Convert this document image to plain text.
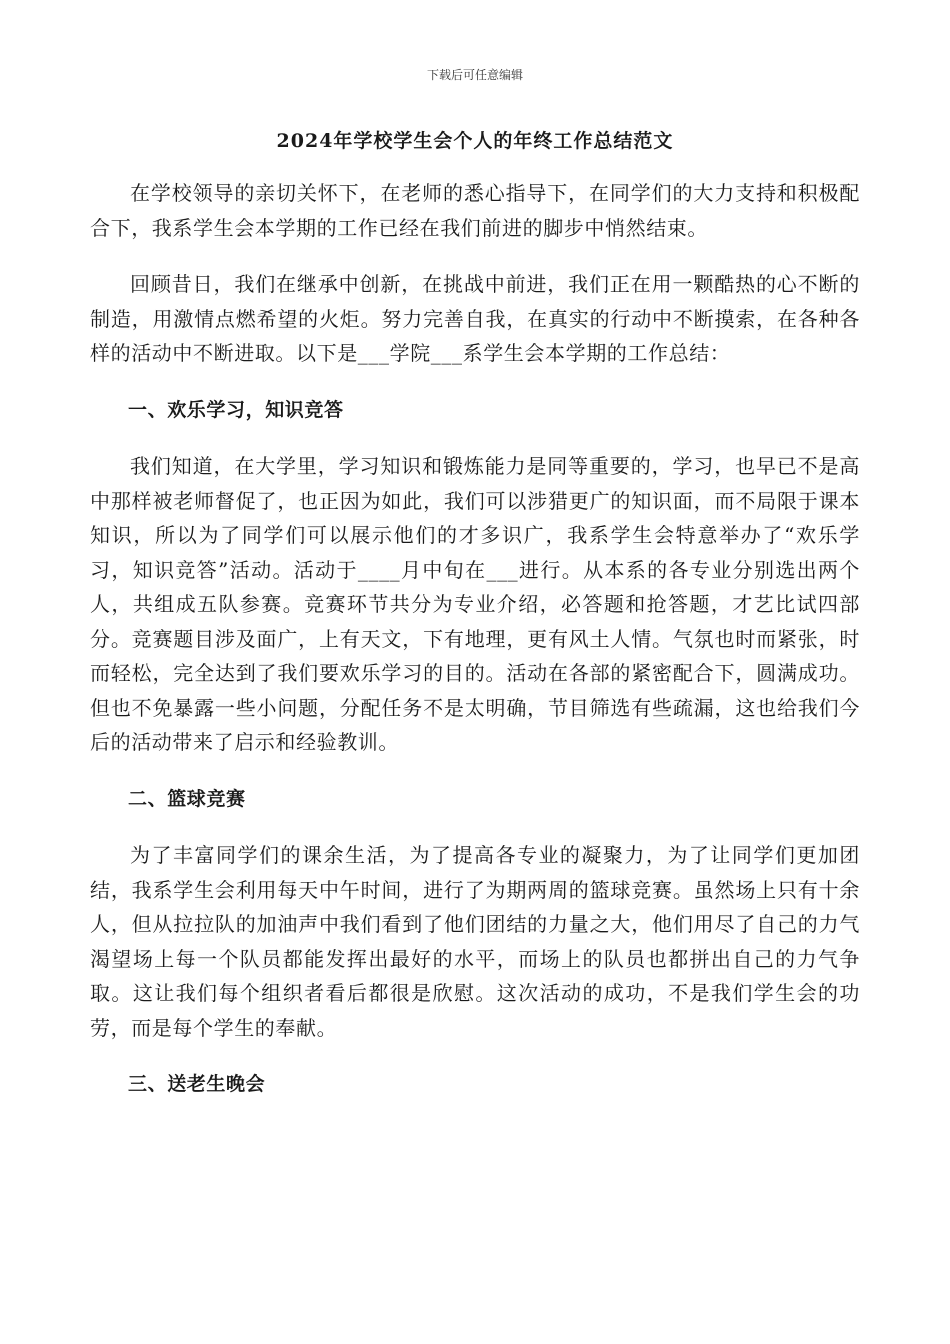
下载后可任意编辑
2024年学校学生会个人的年终工作总结范文

在学校领导的亲切关怀下，在老师的悉心指导下，在同学们的大力支持和积极配合下，我系学生会本学期的工作已经在我们前进的脚步中悄然结束。

回顾昔日，我们在继承中创新，在挑战中前进，我们正在用一颗酷热的心不断的制造，用激情点燃希望的火炬。努力完善自我，在真实的行动中不断摸索，在各种各样的活动中不断进取。以下是___学院___系学生会本学期的工作总结：

一、欢乐学习，知识竞答

我们知道，在大学里，学习知识和锻炼能力是同等重要的，学习，也早已不是高中那样被老师督促了，也正因为如此，我们可以涉猎更广的知识面，而不局限于课本知识，所以为了同学们可以展示他们的才多识广，我系学生会特意举办了“欢乐学习，知识竞答”活动。活动于____月中旬在___进行。从本系的各专业分别选出两个人，共组成五队参赛。竞赛环节共分为专业介绍，必答题和抢答题，才艺比试四部分。竞赛题目涉及面广，上有天文，下有地理，更有风土人情。气氛也时而紧张，时而轻松，完全达到了我们要欢乐学习的目的。活动在各部的紧密配合下，圆满成功。但也不免暴露一些小问题，分配任务不是太明确，节目筛选有些疏漏，这也给我们今后的活动带来了启示和经验教训。

二、篮球竞赛

为了丰富同学们的课余生活，为了提高各专业的凝聚力，为了让同学们更加团结，我系学生会利用每天中午时间，进行了为期两周的篮球竞赛。虽然场上只有十余人，但从拉拉队的加油声中我们看到了他们团结的力量之大，他们用尽了自己的力气渴望场上每一个队员都能发挥出最好的水平，而场上的队员也都拼出自己的力气争取。这让我们每个组织者看后都很是欣慰。这次活动的成功，不是我们学生会的功劳，而是每个学生的奉献。

三、送老生晚会
